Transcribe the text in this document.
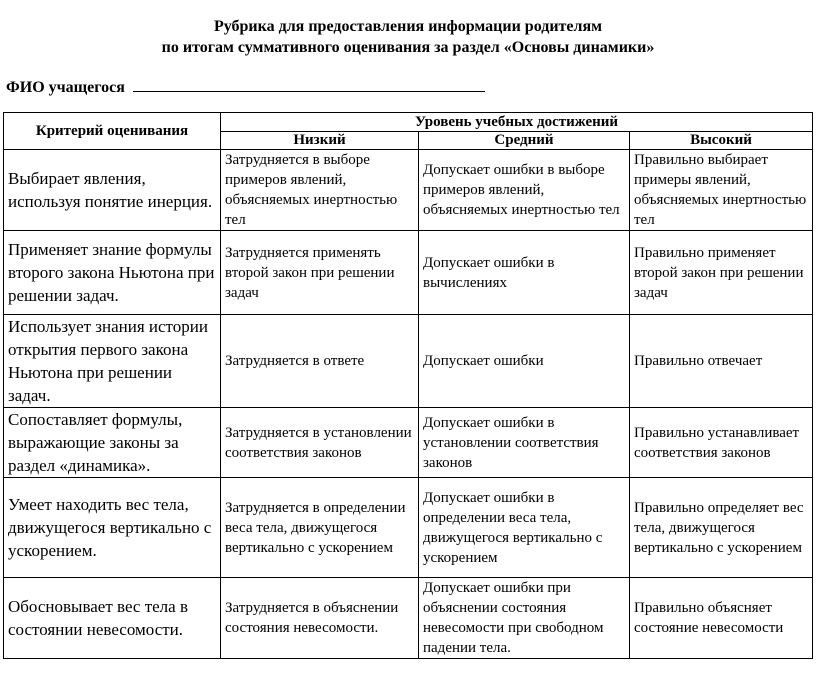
Рубрика для предоставления информации родителям
по итогам суммативного оценивания за раздел «Основы динамики»
ФИО учащегося
Критерий оценивания	Уровень учебных достижений		
	Низкий	Средний	Высокий
Выбирает явления, используя понятие инерция.	Затрудняется в выборе примеров явлений, объясняемых инертностью тел	Допускает ошибки в выборе примеров явлений, объясняемых инертностью тел	Правильно выбирает примеры явлений, объясняемых инертностью тел
Применяет знание формулы второго закона Ньютона при решении задач.	Затрудняется применять второй закон при решении задач	Допускает ошибки в вычислениях	Правильно применяет второй закон при решении задач
Использует знания истории открытия первого закона Ньютона при решении задач.	Затрудняется в ответе	Допускает ошибки	Правильно отвечает
Сопоставляет формулы, выражающие законы за раздел «динамика».	Затрудняется в установлении соответствия законов	Допускает ошибки в установлении соответствия законов	Правильно устанавливает соответствия законов
Умеет находить вес тела, движущегося вертикально с ускорением.	Затрудняется в определении веса тела, движущегося вертикально с ускорением	Допускает ошибки в определении веса тела, движущегося вертикально с ускорением	Правильно определяет вес тела, движущегося вертикально с ускорением
Обосновывает вес тела в состоянии невесомости.	Затрудняется в объяснении состояния невесомости.	Допускает ошибки при объяснении состояния невесомости при свободном падении тела.	Правильно объясняет состояние невесомости
